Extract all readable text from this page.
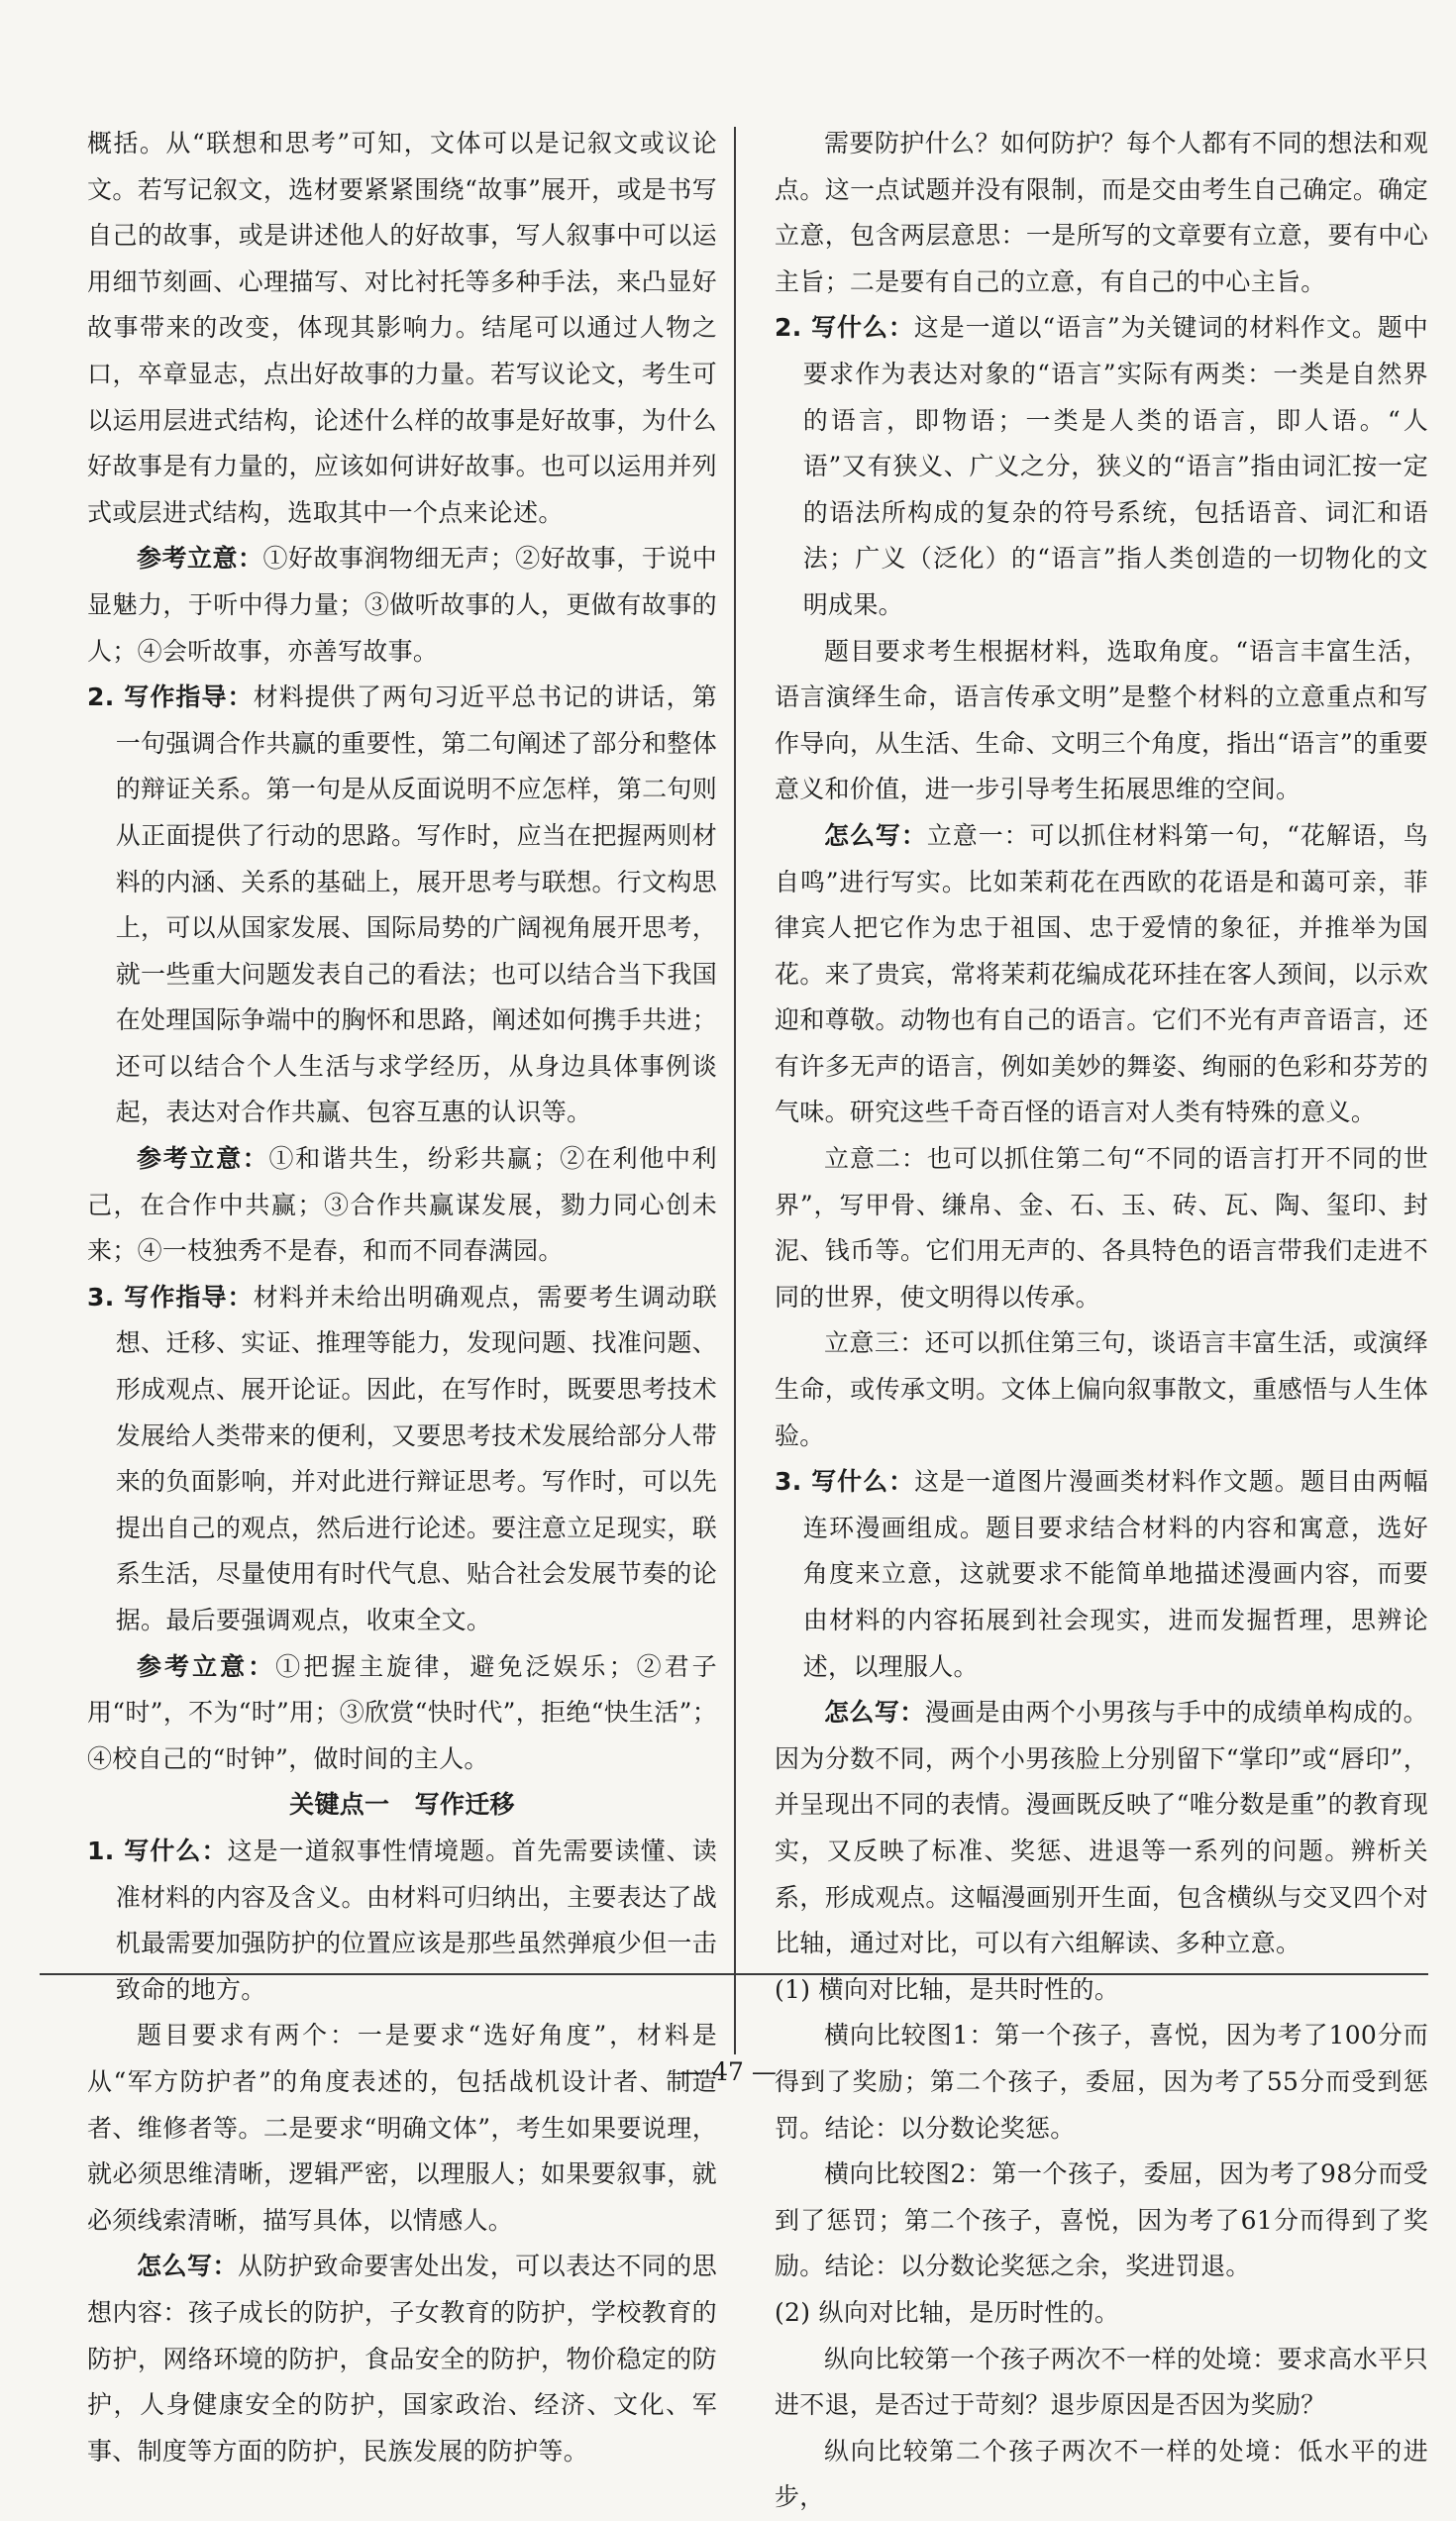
概括。从“联想和思考”可知，文体可以是记叙文或议论文。若写记叙文，选材要紧紧围绕“故事”展开，或是书写自己的故事，或是讲述他人的好故事，写人叙事中可以运用细节刻画、心理描写、对比衬托等多种手法，来凸显好故事带来的改变，体现其影响力。结尾可以通过人物之口，卒章显志，点出好故事的力量。若写议论文，考生可以运用层进式结构，论述什么样的故事是好故事，为什么好故事是有力量的，应该如何讲好故事。也可以运用并列式或层进式结构，选取其中一个点来论述。

参考立意：①好故事润物细无声；②好故事，于说中显魅力，于听中得力量；③做听故事的人，更做有故事的人；④会听故事，亦善写故事。

2. 写作指导：材料提供了两句习近平总书记的讲话，第一句强调合作共赢的重要性，第二句阐述了部分和整体的辩证关系。第一句是从反面说明不应怎样，第二句则从正面提供了行动的思路。写作时，应当在把握两则材料的内涵、关系的基础上，展开思考与联想。行文构思上，可以从国家发展、国际局势的广阔视角展开思考，就一些重大问题发表自己的看法；也可以结合当下我国在处理国际争端中的胸怀和思路，阐述如何携手共进；还可以结合个人生活与求学经历，从身边具体事例谈起，表达对合作共赢、包容互惠的认识等。

参考立意：①和谐共生，纷彩共赢；②在利他中利己，在合作中共赢；③合作共赢谋发展，勠力同心创未来；④一枝独秀不是春，和而不同春满园。

3. 写作指导：材料并未给出明确观点，需要考生调动联想、迁移、实证、推理等能力，发现问题、找准问题、形成观点、展开论证。因此，在写作时，既要思考技术发展给人类带来的便利，又要思考技术发展给部分人带来的负面影响，并对此进行辩证思考。写作时，可以先提出自己的观点，然后进行论述。要注意立足现实，联系生活，尽量使用有时代气息、贴合社会发展节奏的论据。最后要强调观点，收束全文。

参考立意：①把握主旋律，避免泛娱乐；②君子用“时”，不为“时”用；③欣赏“快时代”，拒绝“快生活”；④校自己的“时钟”，做时间的主人。

关键点一　写作迁移

1. 写什么：这是一道叙事性情境题。首先需要读懂、读准材料的内容及含义。由材料可归纳出，主要表达了战机最需要加强防护的位置应该是那些虽然弹痕少但一击致命的地方。

题目要求有两个：一是要求“选好角度”，材料是从“军方防护者”的角度表述的，包括战机设计者、制造者、维修者等。二是要求“明确文体”，考生如果要说理，就必须思维清晰，逻辑严密，以理服人；如果要叙事，就必须线索清晰，描写具体，以情感人。

怎么写：从防护致命要害处出发，可以表达不同的思想内容：孩子成长的防护，子女教育的防护，学校教育的防护，网络环境的防护，食品安全的防护，物价稳定的防护，人身健康安全的防护，国家政治、经济、文化、军事、制度等方面的防护，民族发展的防护等。

需要防护什么？如何防护？每个人都有不同的想法和观点。这一点试题并没有限制，而是交由考生自己确定。确定立意，包含两层意思：一是所写的文章要有立意，要有中心主旨；二是要有自己的立意，有自己的中心主旨。

2. 写什么：这是一道以“语言”为关键词的材料作文。题中要求作为表达对象的“语言”实际有两类：一类是自然界的语言，即物语；一类是人类的语言，即人语。“人语”又有狭义、广义之分，狭义的“语言”指由词汇按一定的语法所构成的复杂的符号系统，包括语音、词汇和语法；广义（泛化）的“语言”指人类创造的一切物化的文明成果。

题目要求考生根据材料，选取角度。“语言丰富生活，语言演绎生命，语言传承文明”是整个材料的立意重点和写作导向，从生活、生命、文明三个角度，指出“语言”的重要意义和价值，进一步引导考生拓展思维的空间。

怎么写：立意一：可以抓住材料第一句，“花解语，鸟自鸣”进行写实。比如茉莉花在西欧的花语是和蔼可亲，菲律宾人把它作为忠于祖国、忠于爱情的象征，并推举为国花。来了贵宾，常将茉莉花编成花环挂在客人颈间，以示欢迎和尊敬。动物也有自己的语言。它们不光有声音语言，还有许多无声的语言，例如美妙的舞姿、绚丽的色彩和芬芳的气味。研究这些千奇百怪的语言对人类有特殊的意义。

立意二：也可以抓住第二句“不同的语言打开不同的世界”，写甲骨、缣帛、金、石、玉、砖、瓦、陶、玺印、封泥、钱币等。它们用无声的、各具特色的语言带我们走进不同的世界，使文明得以传承。

立意三：还可以抓住第三句，谈语言丰富生活，或演绎生命，或传承文明。文体上偏向叙事散文，重感悟与人生体验。

3. 写什么：这是一道图片漫画类材料作文题。题目由两幅连环漫画组成。题目要求结合材料的内容和寓意，选好角度来立意，这就要求不能简单地描述漫画内容，而要由材料的内容拓展到社会现实，进而发掘哲理，思辨论述，以理服人。

怎么写：漫画是由两个小男孩与手中的成绩单构成的。因为分数不同，两个小男孩脸上分别留下“掌印”或“唇印”，并呈现出不同的表情。漫画既反映了“唯分数是重”的教育现实，又反映了标准、奖惩、进退等一系列的问题。辨析关系，形成观点。这幅漫画别开生面，包含横纵与交叉四个对比轴，通过对比，可以有六组解读、多种立意。

(1) 横向对比轴，是共时性的。

横向比较图1：第一个孩子，喜悦，因为考了100分而得到了奖励；第二个孩子，委屈，因为考了55分而受到惩罚。结论：以分数论奖惩。

横向比较图2：第一个孩子，委屈，因为考了98分而受到了惩罚；第二个孩子，喜悦，因为考了61分而得到了奖励。结论：以分数论奖惩之余，奖进罚退。

(2) 纵向对比轴，是历时性的。

纵向比较第一个孩子两次不一样的处境：要求高水平只进不退，是否过于苛刻？退步原因是否因为奖励？

纵向比较第二个孩子两次不一样的处境：低水平的进步，

— 47 —
